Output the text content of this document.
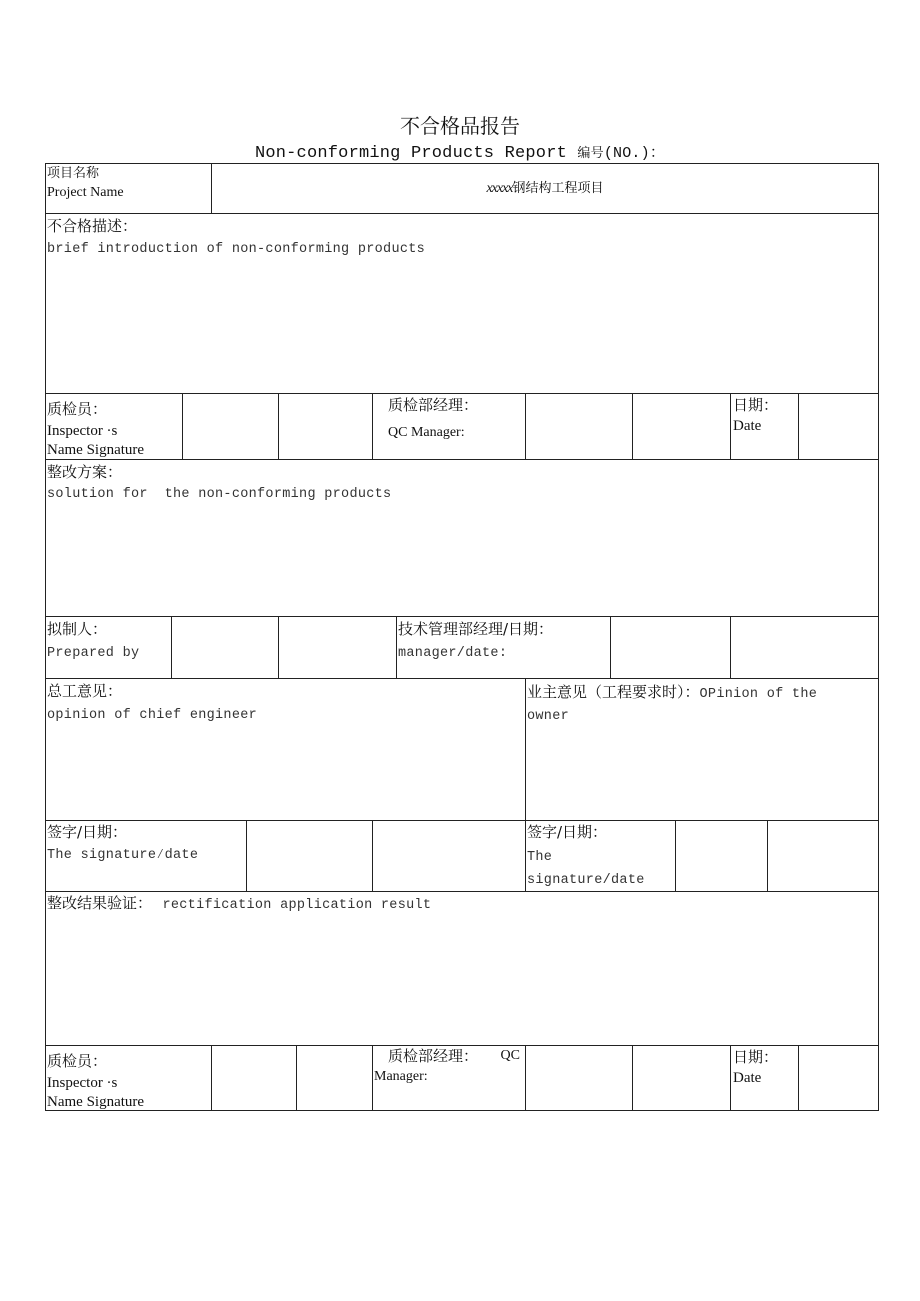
不合格品报告
Non-conforming Products Report 编号(NO.)：
项目名称
Project Name	xxxxx钢结构工程项目
不合格描述：
brief introduction of non-conforming products
质检员：
Inspector ·s
Name Signature
质检部经理：
QC Manager:
日期：
Date
整改方案：
solution for  the non-conforming products
拟制人：
Prepared by
技术管理部经理/日期：
manager/date:
总工意见：
opinion of chief engineer
业主意见（工程要求时）：OPinion of the
owner
签字/日期：
The signature⁄date
签字/日期：
The
signature/date
整改结果验证： rectification application result
质检员：
Inspector ·s
Name Signature
质检部经理： QC
Manager:
日期：
Date
